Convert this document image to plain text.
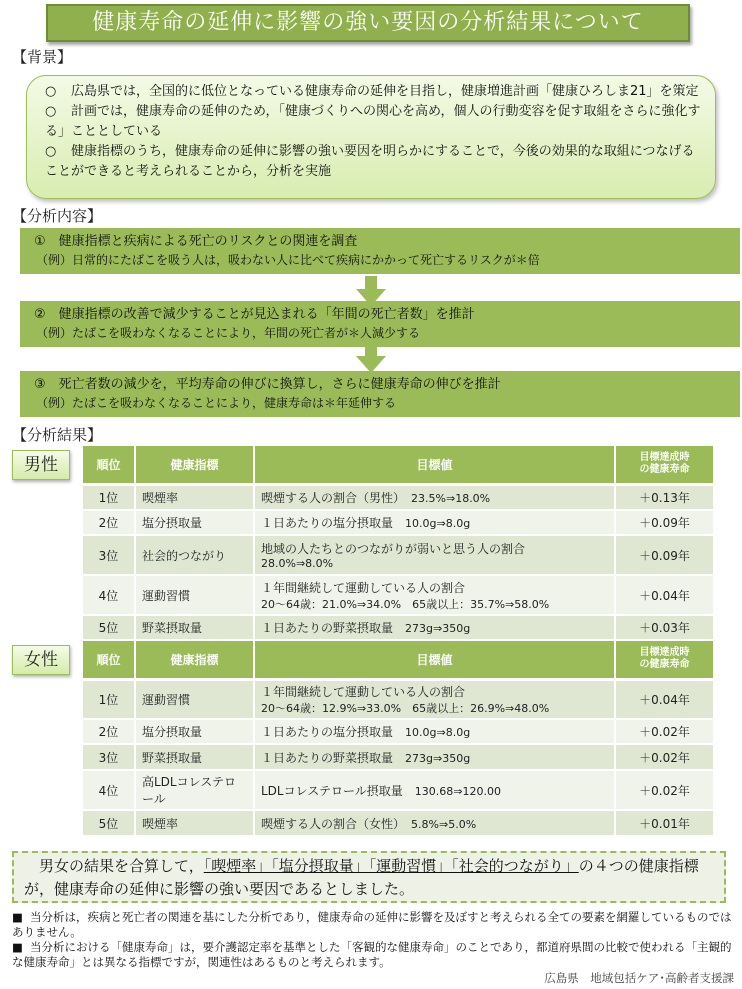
健康寿命の延伸に影響の強い要因の分析結果について
【背景】
○ 広島県では，全国的に低位となっている健康寿命の延伸を目指し，健康増進計画「健康ひろしま21」を策定
○ 計画では，健康寿命の延伸のため，「健康づくりへの関心を高め，個人の行動変容を促す取組をさらに強化する」こととしている
○ 健康指標のうち，健康寿命の延伸に影響の強い要因を明らかにすることで，今後の効果的な取組につなげることができると考えられることから，分析を実施
【分析内容】
①　健康指標と疾病による死亡のリスクとの関連を調査
（例）日常的にたばこを吸う人は，吸わない人に比べて疾病にかかって死亡するリスクが＊倍
②　健康指標の改善で減少することが見込まれる「年間の死亡者数」を推計
（例）たばこを吸わなくなることにより，年間の死亡者が＊人減少する
③　死亡者数の減少を，平均寿命の伸びに換算し，さらに健康寿命の伸びを推計
（例）たばこを吸わなくなることにより，健康寿命は＊年延伸する
【分析結果】
男性	順位	健康指標	目標値	目標達成時
の健康寿命
1位	喫煙率	喫煙する人の割合（男性）　 23.5%⇒18.0%	＋0.13年
2位	塩分摂取量	１日あたりの塩分摂取量　 10.0g⇒8.0g	＋0.09年
3位	社会的つながり	地域の人たちとのつながりが弱いと思う人の割合
28.0%⇒8.0%	＋0.09年
4位	運動習慣	１年間継続して運動している人の割合
20～64歳：21.0%⇒34.0%　65歳以上：35.7%⇒58.0%	＋0.04年
5位	野菜摂取量	１日あたりの野菜摂取量　 273g⇒350g	＋0.03年
女性	順位	健康指標	目標値	目標達成時
の健康寿命
1位	運動習慣	１年間継続して運動している人の割合
20～64歳：12.9%⇒33.0%　65歳以上：26.9%⇒48.0%	＋0.04年
2位	塩分摂取量	１日あたりの塩分摂取量　 10.0g⇒8.0g	＋0.02年
3位	野菜摂取量	１日あたりの野菜摂取量　 273g⇒350g	＋0.02年
4位	高LDLコレステロール	LDLコレステロール摂取量　 130.68⇒120.00	＋0.02年
5位	喫煙率	喫煙する人の割合（女性）　 5.8%⇒5.0%	＋0.01年
　男女の結果を合算して，「喫煙率」「塩分摂取量」「運動習慣」「社会的つながり」の４つの健康指標が，健康寿命の延伸に影響の強い要因であるとしました。
■ 当分析は，疾病と死亡者の関連を基にした分析であり，健康寿命の延伸に影響を及ぼすと考えられる全ての要素を網羅しているものではありません。
■ 当分析における「健康寿命」は，要介護認定率を基準とした「客観的な健康寿命」のことであり，都道府県間の比較で使われる「主観的な健康寿命」とは異なる指標ですが，関連性はあるものと考えられます。
広島県　地域包括ケア･高齢者支援課
